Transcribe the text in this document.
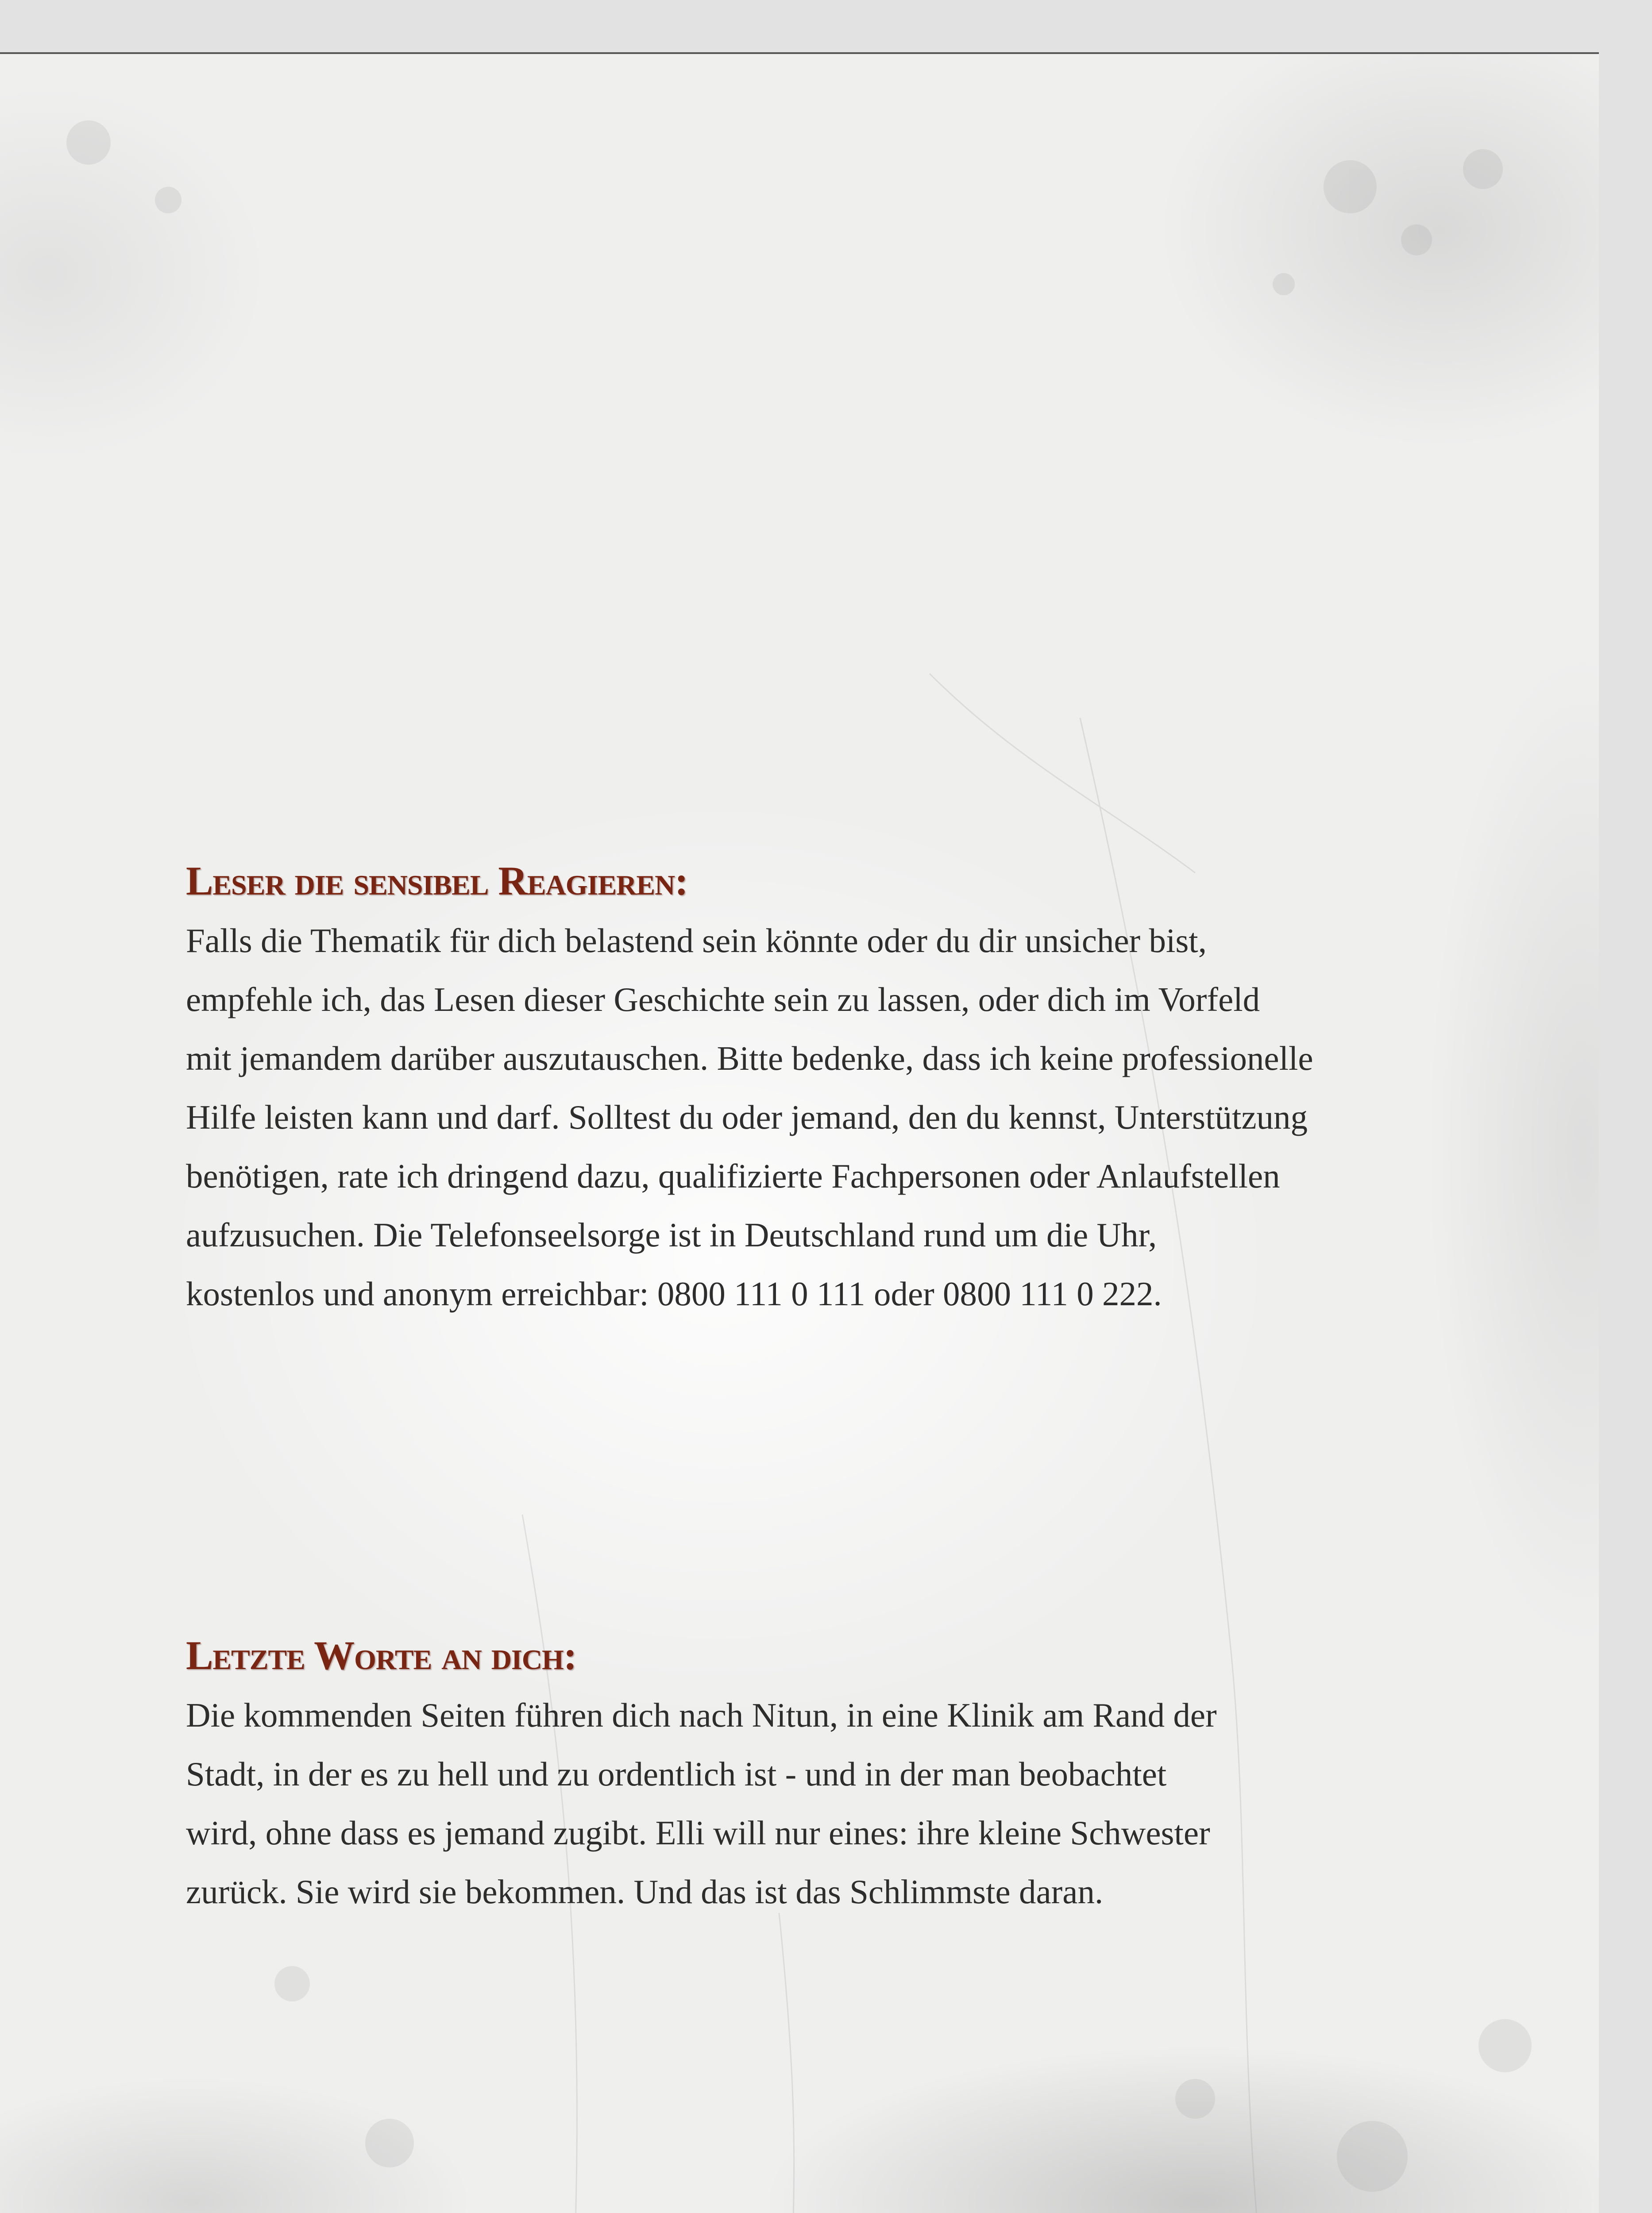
Leser die sensibel Reagieren:

Falls die Thematik für dich belastend sein könnte oder du dir unsicher bist,
empfehle ich, das Lesen dieser Geschichte sein zu lassen, oder dich im Vorfeld
mit jemandem darüber auszutauschen. Bitte bedenke, dass ich keine professionelle
Hilfe leisten kann und darf. Solltest du oder jemand, den du kennst, Unterstützung
benötigen, rate ich dringend dazu, qualifizierte Fachpersonen oder Anlaufstellen
aufzusuchen. Die Telefonseelsorge ist in Deutschland rund um die Uhr,
kostenlos und anonym erreichbar: 0800 111 0 111 oder 0800 111 0 222.

Letzte Worte an dich:

Die kommenden Seiten führen dich nach Nitun, in eine Klinik am Rand der
Stadt, in der es zu hell und zu ordentlich ist - und in der man beobachtet
wird, ohne dass es jemand zugibt. Elli will nur eines: ihre kleine Schwester
zurück. Sie wird sie bekommen. Und das ist das Schlimmste daran.
